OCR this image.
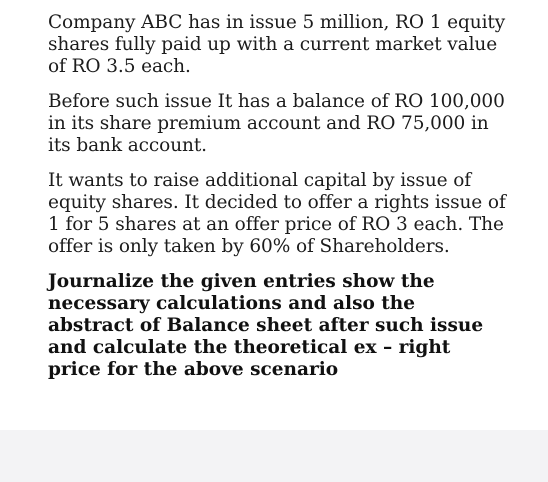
Company ABC has in issue 5 million, RO 1 equity
shares fully paid up with a current market value
of RO 3.5 each.

Before such issue It has a balance of RO 100,000
in its share premium account and RO 75,000 in
its bank account.

It wants to raise additional capital by issue of
equity shares. It decided to offer a rights issue of
1 for 5 shares at an offer price of RO 3 each. The
offer is only taken by 60% of Shareholders.

Journalize the given entries show the
necessary calculations and also the
abstract of Balance sheet after such issue
and calculate the theoretical ex – right
price for the above scenario
